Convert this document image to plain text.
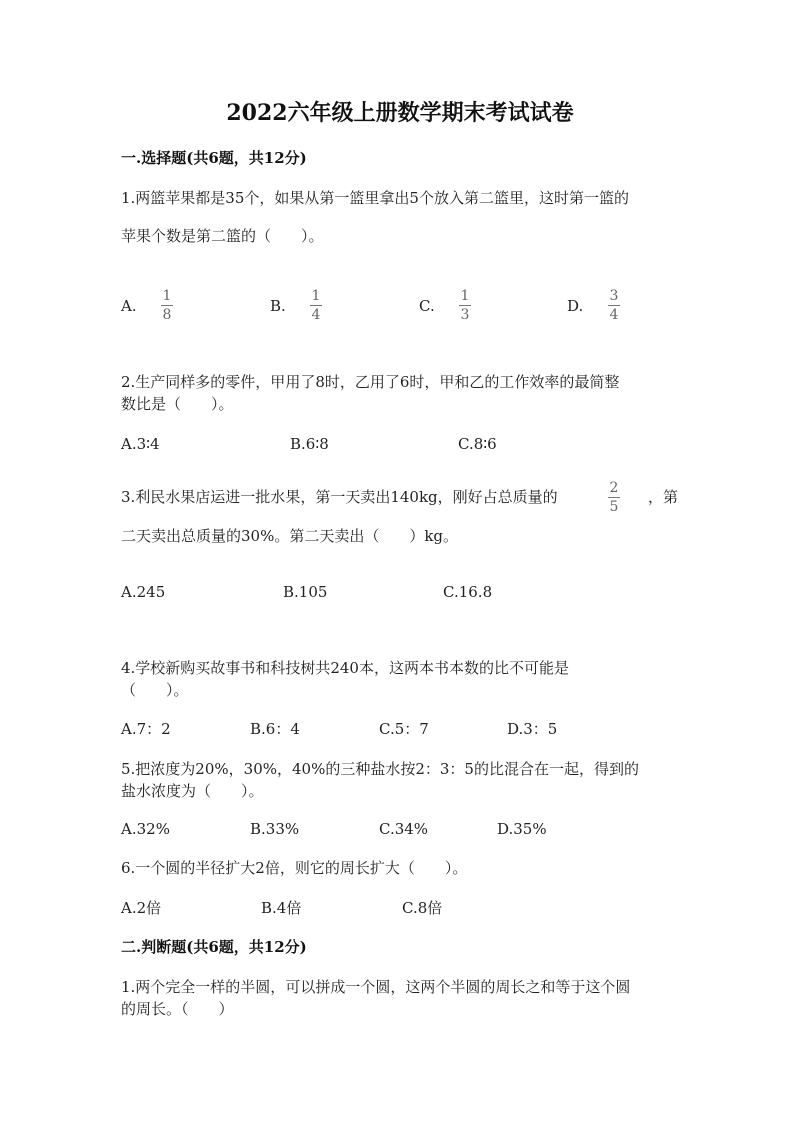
2022六年级上册数学期末考试试卷
一.选择题(共6题，共12分)
1.两篮苹果都是35个，如果从第一篮里拿出5个放入第二篮里，这时第一篮的
苹果个数是第二篮的（　　）。
A.
1
8	B.
1
4	C.
1
3	D.
3
4
2.生产同样多的零件，甲用了8时，乙用了6时，甲和乙的工作效率的最简整
数比是（　　）。
A.3∶4	B.6∶8	C.8∶6
3.利民水果店运进一批水果，第一天卖出140kg，刚好占总质量的	2
5
，第
二天卖出总质量的30%。第二天卖出（　　）kg。
A.245	B.105	C.16.8
4.学校新购买故事书和科技树共240本，这两本书本数的比不可能是
（　　）。
A.7：2	B.6：4	C.5：7	D.3：5
5.把浓度为20%，30%，40%的三种盐水按2：3：5的比混合在一起，得到的
盐水浓度为（　　）。
A.32%	B.33%	C.34%	D.35%
6.一个圆的半径扩大2倍，则它的周长扩大（　　）。
A.2倍	B.4倍	C.8倍
二.判断题(共6题，共12分)
1.两个完全一样的半圆，可以拼成一个圆，这两个半圆的周长之和等于这个圆
的周长。（　　）
